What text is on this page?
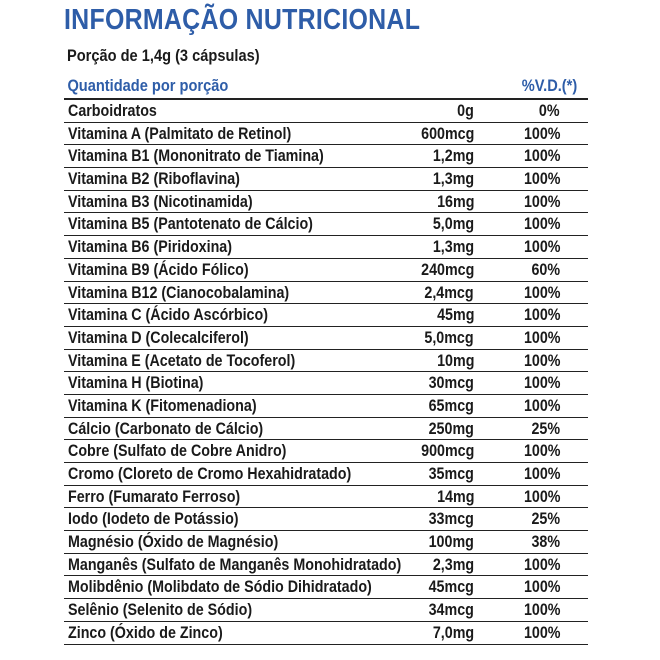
INFORMAÇÃO NUTRICIONAL
Porção de 1,4g (3 cápsulas)
Quantidade por porção	%V.D.(*)
Carboidratos	0g	0%
Vitamina A (Palmitato de Retinol)	600mcg	100%
Vitamina B1 (Mononitrato de Tiamina)	1,2mg	100%
Vitamina B2 (Riboflavina)	1,3mg	100%
Vitamina B3 (Nicotinamida)	16mg	100%
Vitamina B5 (Pantotenato de Cálcio)	5,0mg	100%
Vitamina B6 (Piridoxina)	1,3mg	100%
Vitamina B9 (Ácido Fólico)	240mcg	60%
Vitamina B12 (Cianocobalamina)	2,4mcg	100%
Vitamina C (Ácido Ascórbico)	45mg	100%
Vitamina D (Colecalciferol)	5,0mcg	100%
Vitamina E (Acetato de Tocoferol)	10mg	100%
Vitamina H (Biotina)	30mcg	100%
Vitamina K (Fitomenadiona)	65mcg	100%
Cálcio (Carbonato de Cálcio)	250mg	25%
Cobre (Sulfato de Cobre Anidro)	900mcg	100%
Cromo (Cloreto de Cromo Hexahidratado)	35mcg	100%
Ferro (Fumarato Ferroso)	14mg	100%
Iodo (Iodeto de Potássio)	33mcg	25%
Magnésio (Óxido de Magnésio)	100mg	38%
Manganês (Sulfato de Manganês Monohidratado) 2,3mg	100%
Molibdênio (Molibdato de Sódio Dihidratado)	45mcg	100%
Selênio (Selenito de Sódio)	34mcg	100%
Zinco (Óxido de Zinco)	7,0mg	100%
